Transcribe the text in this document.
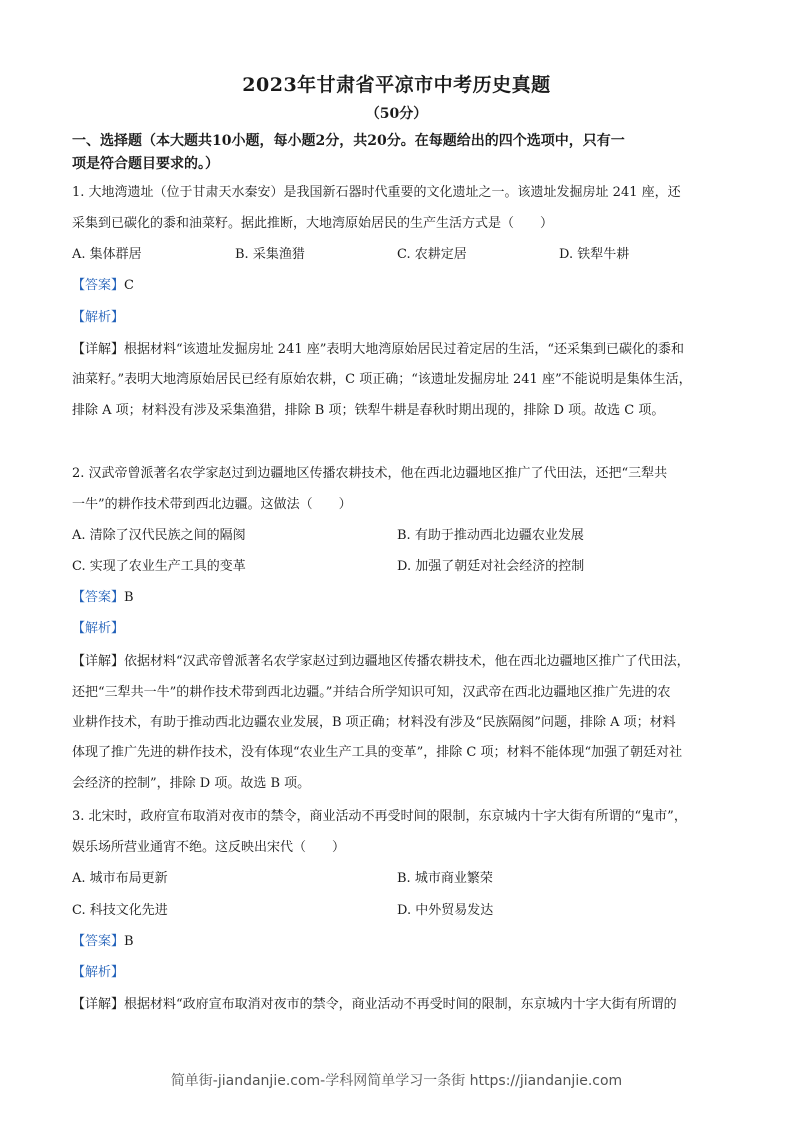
2023年甘肃省平凉市中考历史真题
（50分）
一、选择题（本大题共10小题，每小题2分，共20分。在每题给出的四个选项中，只有一
项是符合题目要求的。）
1. 大地湾遗址（位于甘肃天水秦安）是我国新石器时代重要的文化遗址之一。该遗址发掘房址 241 座，还
采集到已碳化的黍和油菜籽。据此推断，大地湾原始居民的生产生活方式是（　　）
A. 集体群居	B. 采集渔猎	C. 农耕定居	D. 铁犁牛耕
【答案】C
【解析】
【详解】根据材料“该遗址发掘房址 241 座”表明大地湾原始居民过着定居的生活，“还采集到已碳化的黍和
油菜籽。”表明大地湾原始居民已经有原始农耕，C 项正确；“该遗址发掘房址 241 座”不能说明是集体生活，
排除 A 项；材料没有涉及采集渔猎，排除 B 项；铁犁牛耕是春秋时期出现的，排除 D 项。故选 C 项。
2. 汉武帝曾派著名农学家赵过到边疆地区传播农耕技术，他在西北边疆地区推广了代田法，还把“三犁共
一牛”的耕作技术带到西北边疆。这做法（　　）
A. 清除了汉代民族之间的隔阂	B. 有助于推动西北边疆农业发展
C. 实现了农业生产工具的变革	D. 加强了朝廷对社会经济的控制
【答案】B
【解析】
【详解】依据材料“汉武帝曾派著名农学家赵过到边疆地区传播农耕技术，他在西北边疆地区推广了代田法，
还把“三犁共一牛”的耕作技术带到西北边疆。”并结合所学知识可知，汉武帝在西北边疆地区推广先进的农
业耕作技术，有助于推动西北边疆农业发展，B 项正确；材料没有涉及“民族隔阂”问题，排除 A 项；材料
体现了推广先进的耕作技术，没有体现“农业生产工具的变革”，排除 C 项；材料不能体现“加强了朝廷对社
会经济的控制”，排除 D 项。故选 B 项。
3. 北宋时，政府宣布取消对夜市的禁令，商业活动不再受时间的限制，东京城内十字大街有所谓的“鬼市”，
娱乐场所营业通宵不绝。这反映出宋代（　　）
A. 城市布局更新	B. 城市商业繁荣
C. 科技文化先进	D. 中外贸易发达
【答案】B
【解析】
【详解】根据材料“政府宣布取消对夜市的禁令，商业活动不再受时间的限制，东京城内十字大街有所谓的
简单街-jiandanjie.com-学科网简单学习一条街 https://jiandanjie.com
